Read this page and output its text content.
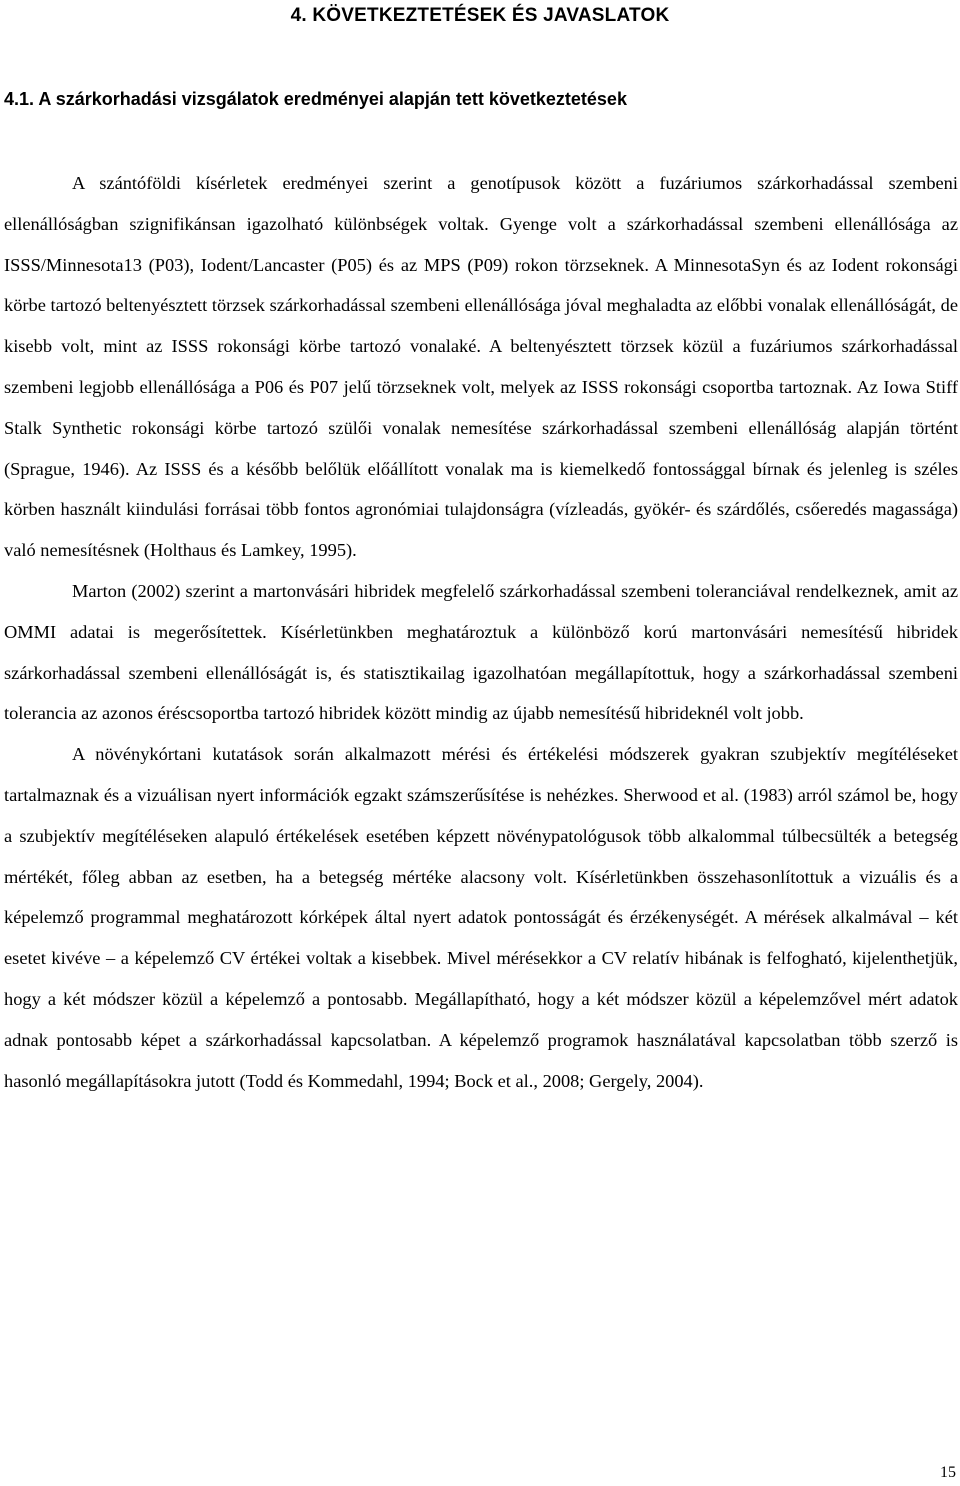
4. KÖVETKEZTETÉSEK ÉS JAVASLATOK
4.1. A szárkorhadási vizsgálatok eredményei alapján tett következtetések

A szántóföldi kísérletek eredményei szerint a genotípusok között a fuzáriumos szárkorhadással szembeni ellenállóságban szignifikánsan igazolható különbségek voltak. Gyenge volt a szárkorhadással szembeni ellenállósága az ISSS/Minnesota13 (P03), Iodent/Lancaster (P05) és az MPS (P09) rokon törzseknek. A MinnesotaSyn és az Iodent rokonsági körbe tartozó beltenyésztett törzsek szárkorhadással szembeni ellenállósága jóval meghaladta az előbbi vonalak ellenállóságát, de kisebb volt, mint az ISSS rokonsági körbe tartozó vonalaké. A beltenyésztett törzsek közül a fuzáriumos szárkorhadással szembeni legjobb ellenállósága a P06 és P07 jelű törzseknek volt, melyek az ISSS rokonsági csoportba tartoznak. Az Iowa Stiff Stalk Synthetic rokonsági körbe tartozó szülői vonalak nemesítése szárkorhadással szembeni ellenállóság alapján történt (Sprague, 1946). Az ISSS és a később belőlük előállított vonalak ma is kiemelkedő fontossággal bírnak és jelenleg is széles körben használt kiindulási forrásai több fontos agronómiai tulajdonságra (vízleadás, gyökér- és szárdőlés, csőeredés magassága) való nemesítésnek (Holthaus és Lamkey, 1995).

Marton (2002) szerint a martonvásári hibridek megfelelő szárkorhadással szembeni toleranciával rendelkeznek, amit az OMMI adatai is megerősítettek. Kísérletünkben meghatároztuk a különböző korú martonvásári nemesítésű hibridek szárkorhadással szembeni ellenállóságát is, és statisztikailag igazolhatóan megállapítottuk, hogy a szárkorhadással szembeni tolerancia az azonos éréscsoportba tartozó hibridek között mindig az újabb nemesítésű hibrideknél volt jobb.

A növénykórtani kutatások során alkalmazott mérési és értékelési módszerek gyakran szubjektív megítéléseket tartalmaznak és a vizuálisan nyert információk egzakt számszerűsítése is nehézkes. Sherwood et al. (1983) arról számol be, hogy a szubjektív megítéléseken alapuló értékelések esetében képzett növénypatológusok több alkalommal túlbecsülték a betegség mértékét, főleg abban az esetben, ha a betegség mértéke alacsony volt. Kísérletünkben összehasonlítottuk a vizuális és a képelemző programmal meghatározott kórképek által nyert adatok pontosságát és érzékenységét. A mérések alkalmával – két esetet kivéve – a képelemző CV értékei voltak a kisebbek. Mivel mérésekkor a CV relatív hibának is felfogható, kijelenthetjük, hogy a két módszer közül a képelemző a pontosabb. Megállapítható, hogy a két módszer közül a képelemzővel mért adatok adnak pontosabb képet a szárkorhadással kapcsolatban. A képelemző programok használatával kapcsolatban több szerző is hasonló megállapításokra jutott (Todd és Kommedahl, 1994; Bock et al., 2008; Gergely, 2004).

15
